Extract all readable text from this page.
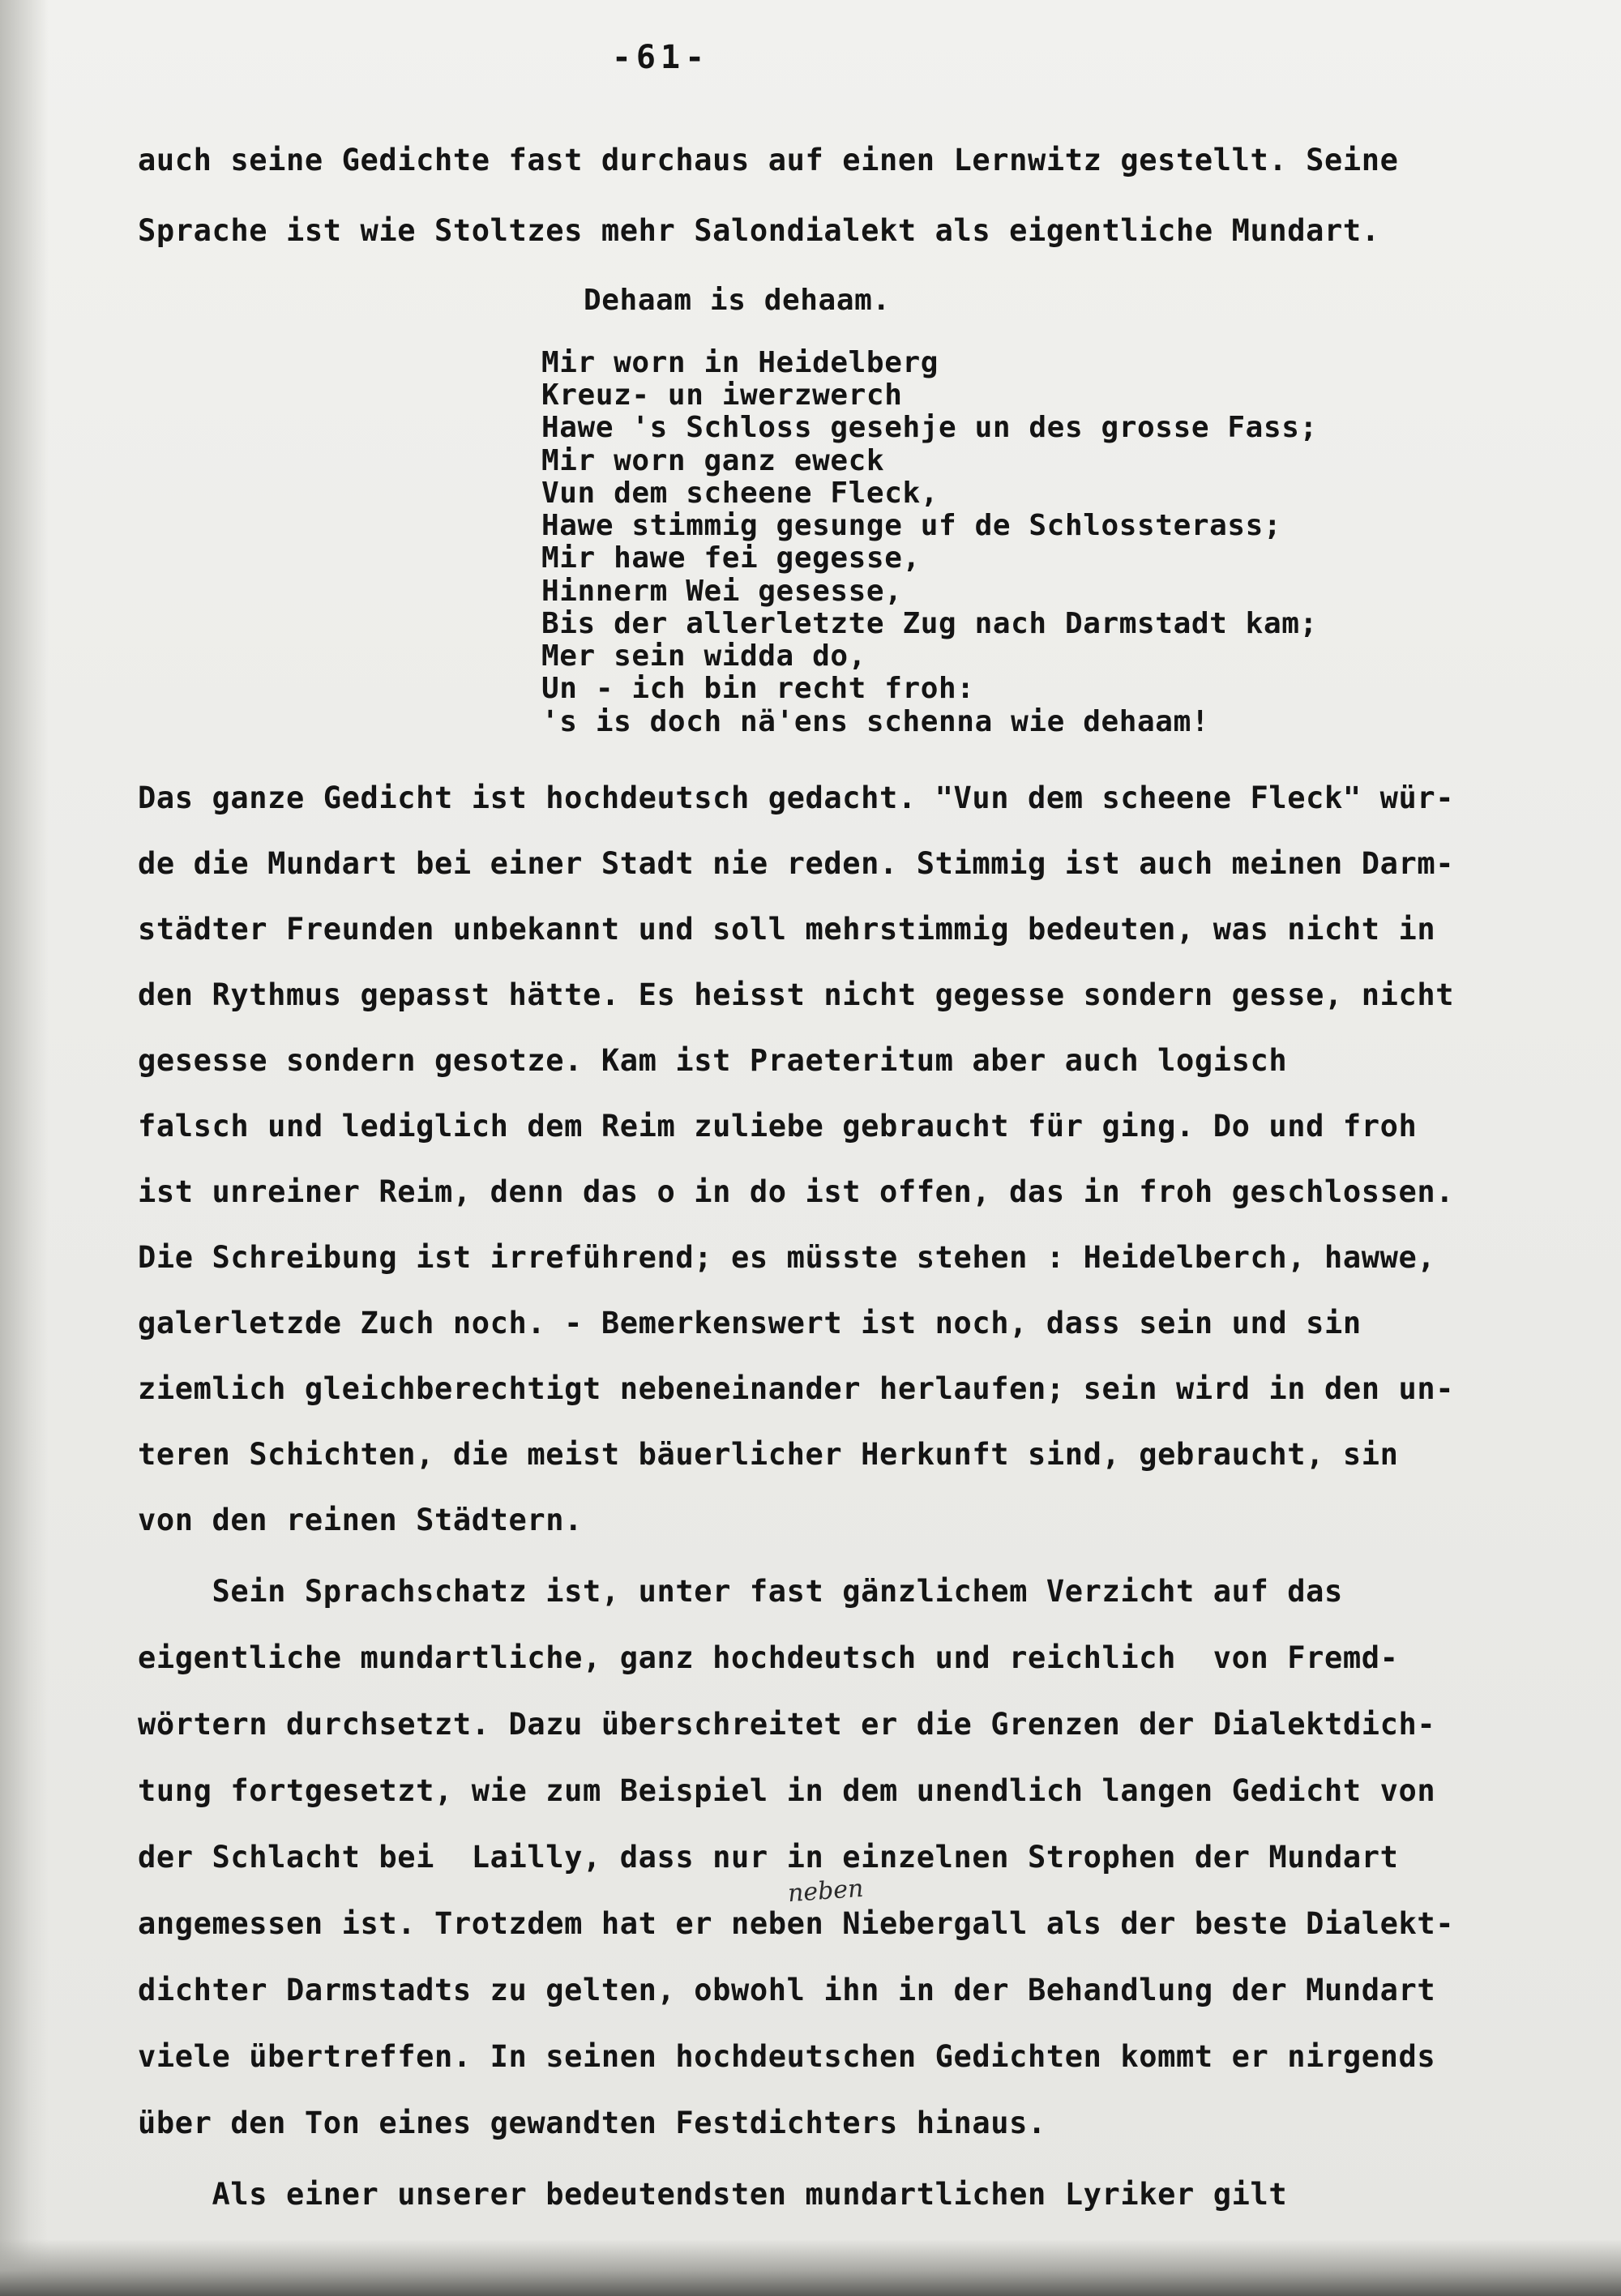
-61-
auch seine Gedichte fast durchaus auf einen Lernwitz gestellt. Seine
Sprache ist wie Stoltzes mehr Salondialekt als eigentliche Mundart.
Dehaam is dehaam.
Mir worn in Heidelberg
Kreuz- un iwerzwerch
Hawe 's Schloss gesehje un des grosse Fass;
Mir worn ganz eweck
Vun dem scheene Fleck,
Hawe stimmig gesunge uf de Schlossterass;
Mir hawe fei gegesse,
Hinnerm Wei gesesse,
Bis der allerletzte Zug nach Darmstadt kam;
Mer sein widda do,
Un - ich bin recht froh:
's is doch nä'ens schenna wie dehaam!
Das ganze Gedicht ist hochdeutsch gedacht. "Vun dem scheene Fleck" wür-
de die Mundart bei einer Stadt nie reden. Stimmig ist auch meinen Darm-
städter Freunden unbekannt und soll mehrstimmig bedeuten, was nicht in
den Rythmus gepasst hätte. Es heisst nicht gegesse sondern gesse, nicht
gesesse sondern gesotze. Kam ist Praeteritum aber auch logisch
falsch und lediglich dem Reim zuliebe gebraucht für ging. Do und froh
ist unreiner Reim, denn das o in do ist offen, das in froh geschlossen.
Die Schreibung ist irreführend; es müsste stehen : Heidelberch, hawwe,
galerletzde Zuch noch. - Bemerkenswert ist noch, dass sein und sin
ziemlich gleichberechtigt nebeneinander herlaufen; sein wird in den un-
teren Schichten, die meist bäuerlicher Herkunft sind, gebraucht, sin
von den reinen Städtern.
Sein Sprachschatz ist, unter fast gänzlichem Verzicht auf das
eigentliche mundartliche, ganz hochdeutsch und reichlich  von Fremd-
wörtern durchsetzt. Dazu überschreitet er die Grenzen der Dialektdich-
tung fortgesetzt, wie zum Beispiel in dem unendlich langen Gedicht von
der Schlacht bei  Lailly, dass nur in einzelnen Strophen der Mundart
angemessen ist. Trotzdem hat er neben Niebergall als der beste Dialekt-
dichter Darmstadts zu gelten, obwohl ihn in der Behandlung der Mundart
viele übertreffen. In seinen hochdeutschen Gedichten kommt er nirgends
über den Ton eines gewandten Festdichters hinaus.
Als einer unserer bedeutendsten mundartlichen Lyriker gilt
neben
